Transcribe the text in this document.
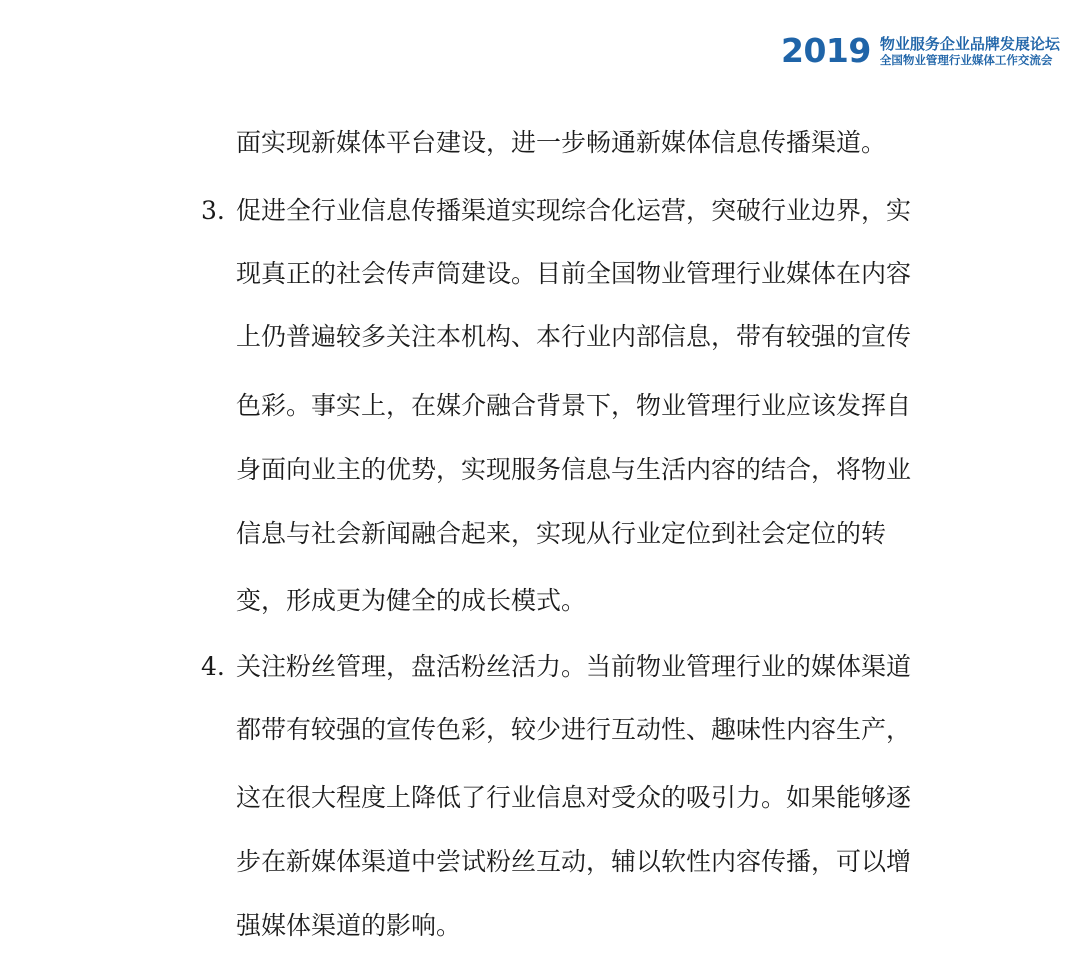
2019 物业服务企业品牌发展论坛
全国物业管理行业媒体工作交流会
面实现新媒体平台建设，进一步畅通新媒体信息传播渠道。
3. 促进全行业信息传播渠道实现综合化运营，突破行业边界，实
现真正的社会传声筒建设。目前全国物业管理行业媒体在内容
上仍普遍较多关注本机构、本行业内部信息，带有较强的宣传
色彩。事实上，在媒介融合背景下，物业管理行业应该发挥自
身面向业主的优势，实现服务信息与生活内容的结合，将物业
信息与社会新闻融合起来，实现从行业定位到社会定位的转
变，形成更为健全的成长模式。
4. 关注粉丝管理，盘活粉丝活力。当前物业管理行业的媒体渠道
都带有较强的宣传色彩，较少进行互动性、趣味性内容生产，
这在很大程度上降低了行业信息对受众的吸引力。如果能够逐
步在新媒体渠道中尝试粉丝互动，辅以软性内容传播，可以增
强媒体渠道的影响。
